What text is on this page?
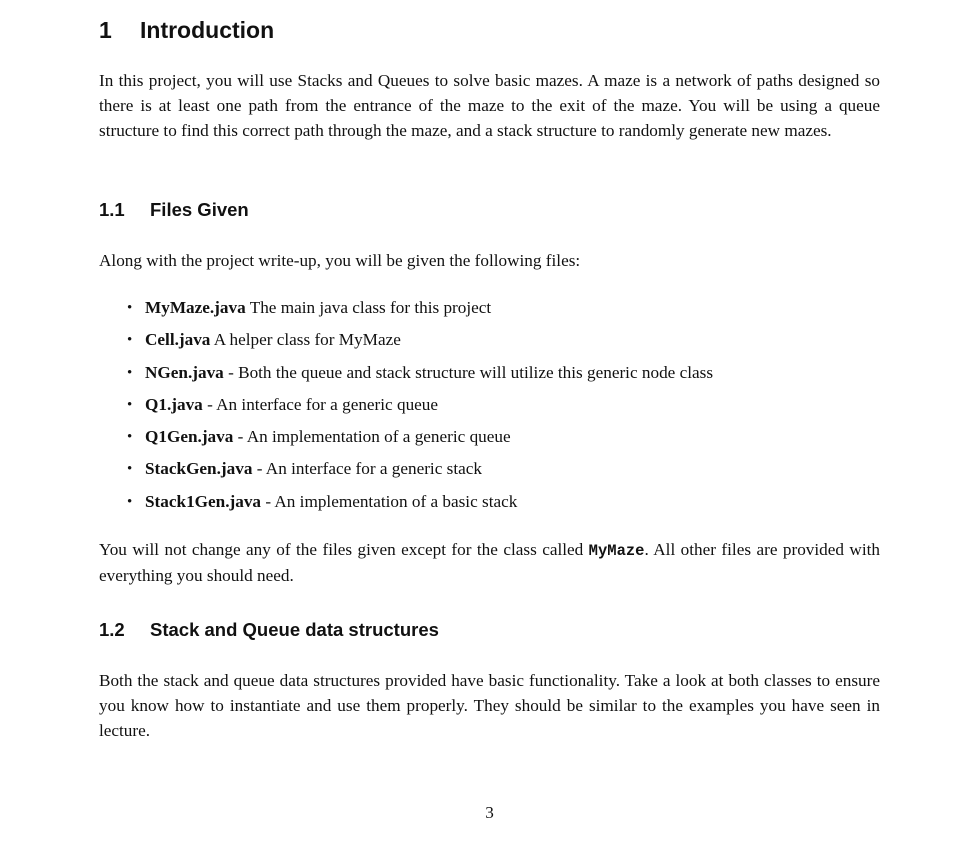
1 Introduction

In this project, you will use Stacks and Queues to solve basic mazes. A maze is a network of paths designed so there is at least one path from the entrance of the maze to the exit of the maze. You will be using a queue structure to find this correct path through the maze, and a stack structure to randomly generate new mazes.

1.1 Files Given

Along with the project write-up, you will be given the following files:

• MyMaze.java The main java class for this project
• Cell.java A helper class for MyMaze
• NGen.java - Both the queue and stack structure will utilize this generic node class
• Q1.java - An interface for a generic queue
• Q1Gen.java - An implementation of a generic queue
• StackGen.java - An interface for a generic stack
• Stack1Gen.java - An implementation of a basic stack

You will not change any of the files given except for the class called MyMaze. All other files are provided with everything you should need.

1.2 Stack and Queue data structures

Both the stack and queue data structures provided have basic functionality. Take a look at both classes to ensure you know how to instantiate and use them properly. They should be similar to the examples you have seen in lecture.

3
